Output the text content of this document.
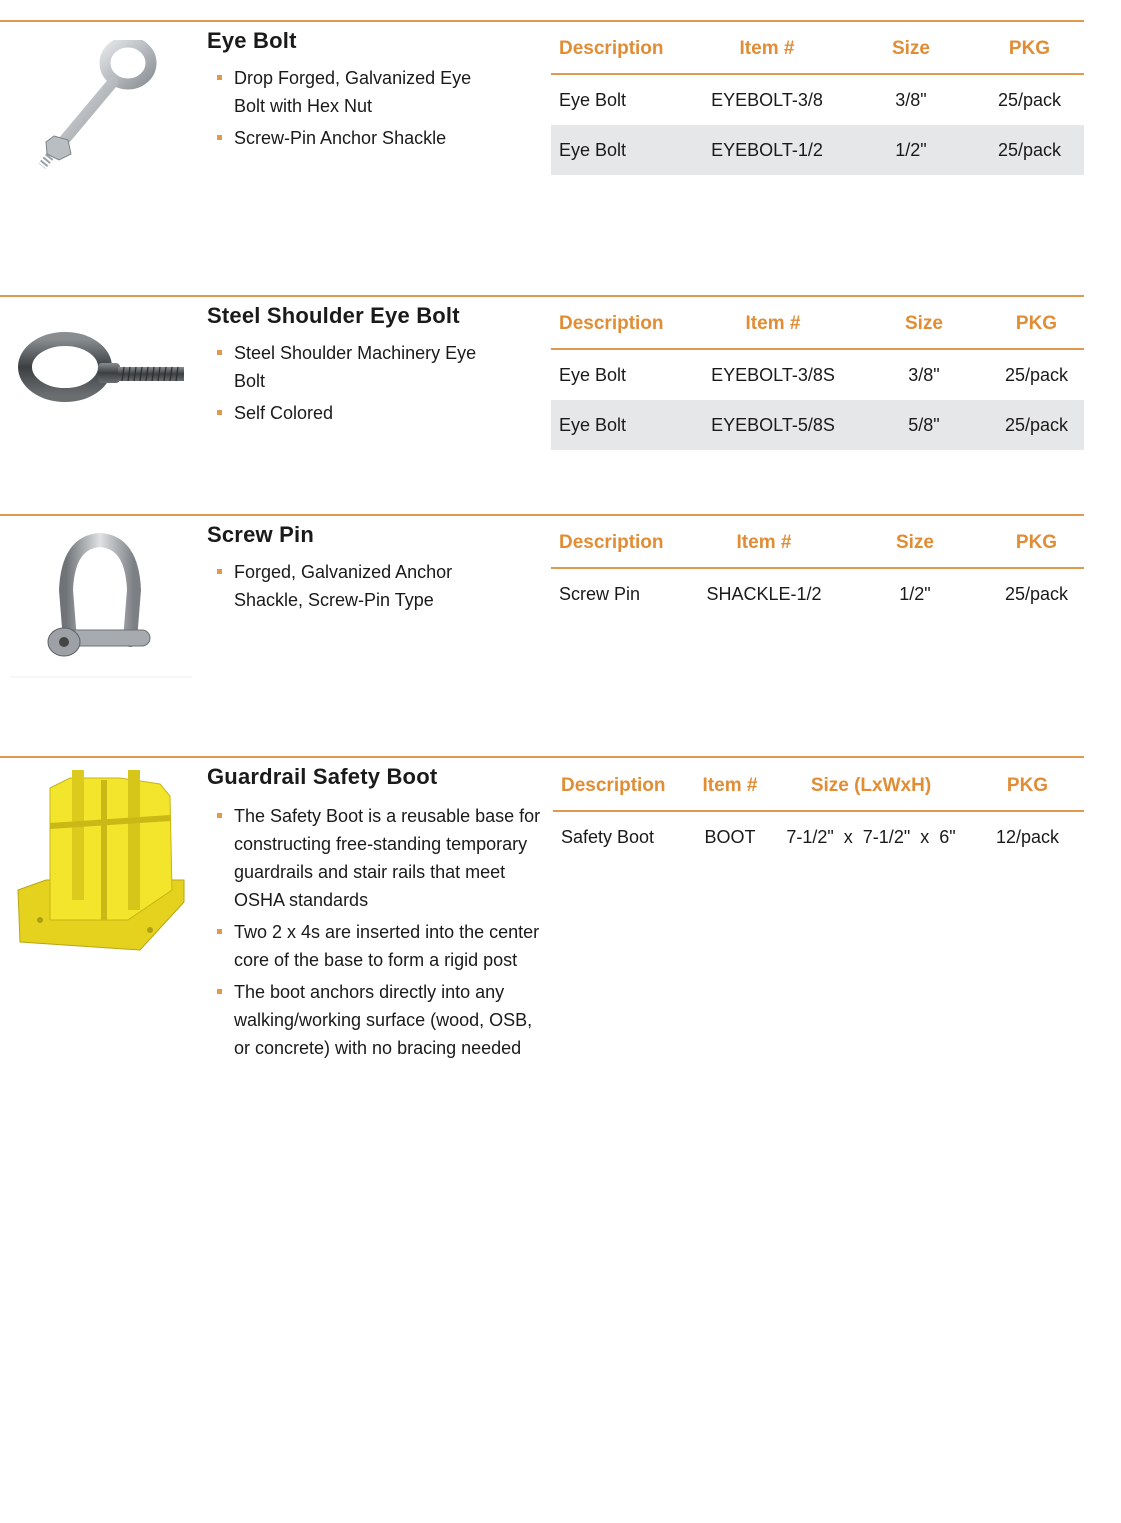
Eye Bolt
Drop Forged, Galvanized Eye Bolt with Hex Nut
Screw-Pin Anchor Shackle
Description	Item #	Size	PKG
Eye Bolt	EYEBOLT-3/8	3/8"	25/pack
Eye Bolt	EYEBOLT-1/2	1/2"	25/pack
Steel Shoulder Eye Bolt
Steel Shoulder Machinery Eye Bolt
Self Colored
Description	Item #	Size	PKG
Eye Bolt	EYEBOLT-3/8S	3/8"	25/pack
Eye Bolt	EYEBOLT-5/8S	5/8"	25/pack
Screw Pin
Forged, Galvanized Anchor Shackle, Screw-Pin Type
Description	Item #	Size	PKG
Screw Pin	SHACKLE-1/2	1/2"	25/pack
Guardrail Safety Boot
The Safety Boot is a reusable base for constructing free-standing temporary guardrails and stair rails that meet OSHA standards
Two 2 x 4s are inserted into the center core of the base to form a rigid post
The boot anchors directly into any walking/working surface (wood, OSB, or concrete) with no bracing needed
Description	Item #	Size (LxWxH)	PKG
Safety Boot	BOOT	7-1/2"  x  7-1/2"  x  6"	12/pack
